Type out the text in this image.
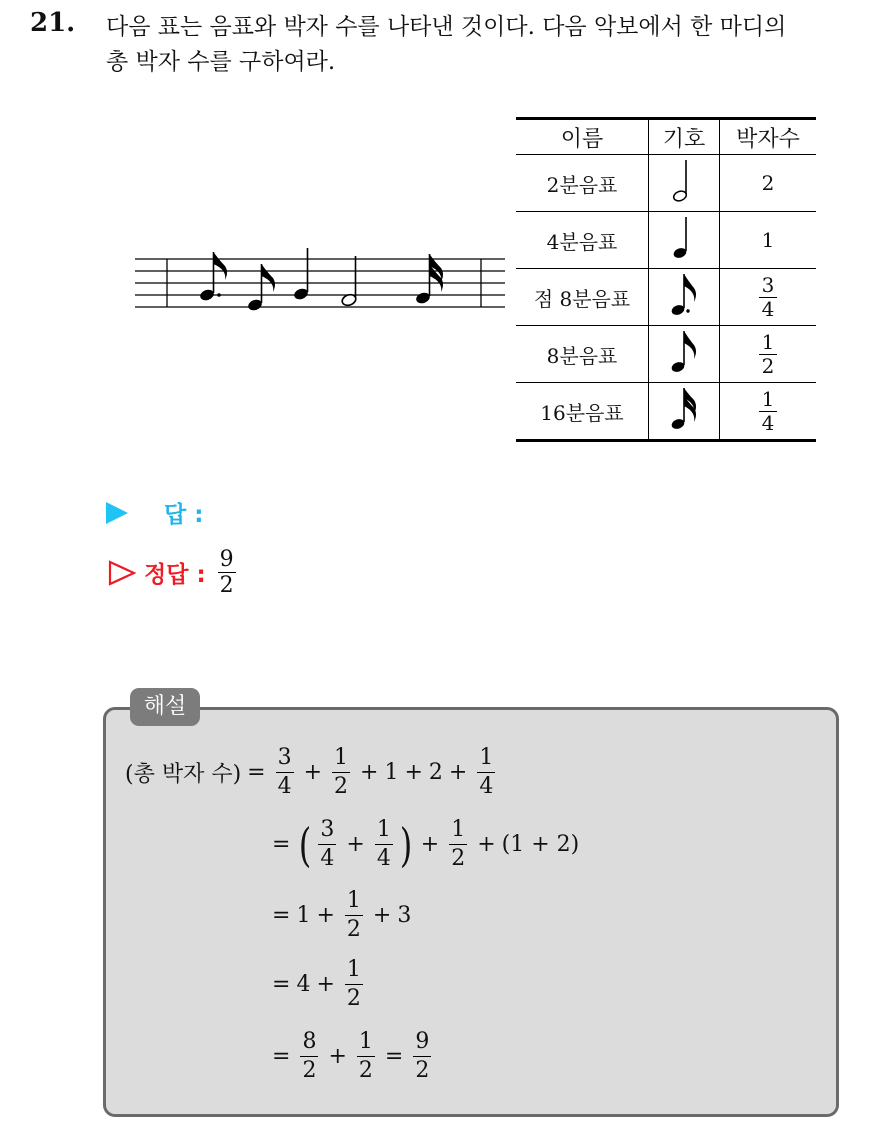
21. 다음 표는 음표와 박자 수를 나타낸 것이다. 다음 악보에서 한 마디의
총 박자 수를 구하여라.
이름	기호	박자수
2분음표		2
4분음표		1
점 8분음표		$\frac{3}{4}$

8분음표		$\frac{1}{2}$

16분음표		$\frac{1}{4}$
답 :
정답 : $\frac{9}{2}$
해설
(총 박자 수) =
3
4
+
1
2
+ 1 + 2 +
1
4
= ( 3
4
+
1
4 ) +
1
2
+ (1 + 2)
= 1 +
1
2
+ 3
= 4 +
1
2
=
8
2
+
1
2
=
9
2
